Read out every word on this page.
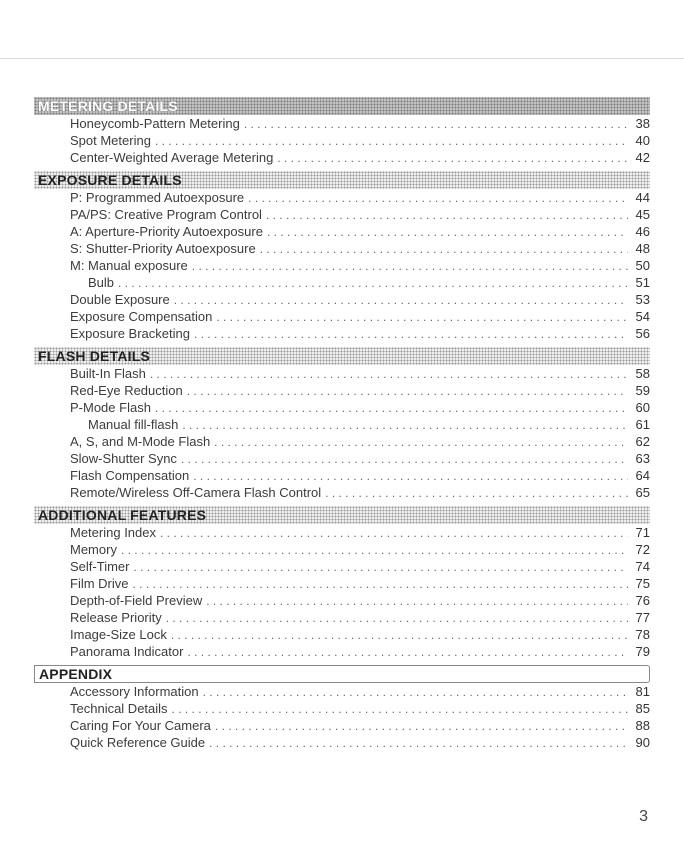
METERING DETAILS
Honeycomb-Pattern Metering . . .	38
Spot Metering . . .	40
Center-Weighted Average Metering . . .	42
EXPOSURE DETAILS
P: Programmed Autoexposure . . .	44
PA/PS: Creative Program Control . . .	45
A: Aperture-Priority Autoexposure . . .	46
S: Shutter-Priority Autoexposure . . .	48
M: Manual exposure . . .	50
Bulb . . .	51
Double Exposure . . .	53
Exposure Compensation . . .	54
Exposure Bracketing . . .	56
FLASH DETAILS
Built-In Flash . . .	58
Red-Eye Reduction . . .	59
P-Mode Flash . . .	60
Manual fill-flash . . .	61
A, S, and M-Mode Flash . . .	62
Slow-Shutter Sync . . .	63
Flash Compensation . . .	64
Remote/Wireless Off-Camera Flash Control . . .	65
ADDITIONAL FEATURES
Metering Index . . .	71
Memory . . .	72
Self-Timer . . .	74
Film Drive . . .	75
Depth-of-Field Preview . . .	76
Release Priority . . .	77
Image-Size Lock . . .	78
Panorama Indicator . . .	79
APPENDIX
Accessory Information . . .	81
Technical Details . . .	85
Caring For Your Camera . . .	88
Quick Reference Guide . . .	90
3
